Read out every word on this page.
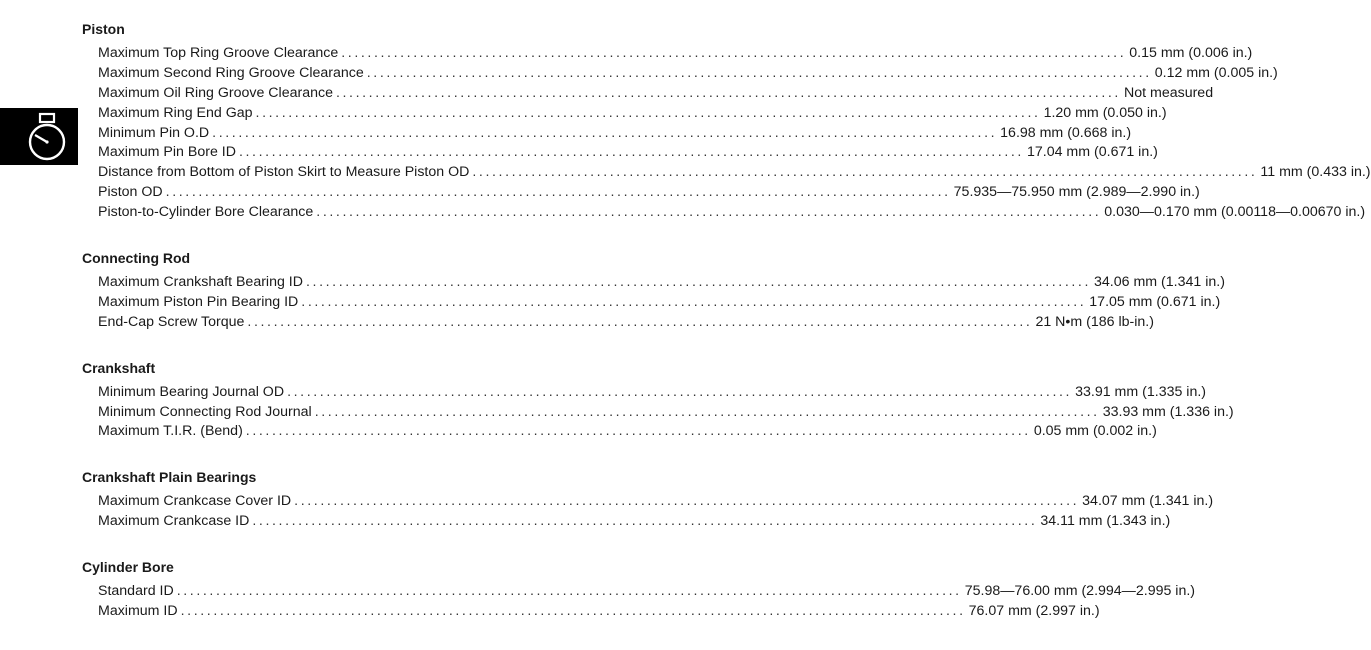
Piston
Maximum Top Ring Groove Clearance ........................................................................................................................ 0.15 mm (0.006 in.)
Maximum Second Ring Groove Clearance ........................................................................................................................ 0.12 mm (0.005 in.)
Maximum Oil Ring Groove Clearance ........................................................................................................................ Not measured
Maximum Ring End Gap ........................................................................................................................ 1.20 mm (0.050 in.)
Minimum Pin O.D ........................................................................................................................ 16.98 mm (0.668 in.)
Maximum Pin Bore ID ........................................................................................................................ 17.04 mm (0.671 in.)
Distance from Bottom of Piston Skirt to Measure Piston OD ........................................................................................................................ 11 mm (0.433 in.)
Piston OD ........................................................................................................................ 75.935—75.950 mm (2.989—2.990 in.)
Piston-to-Cylinder Bore Clearance ........................................................................................................................ 0.030—0.170 mm (0.00118—0.00670 in.)
Connecting Rod
Maximum Crankshaft Bearing ID ........................................................................................................................ 34.06 mm (1.341 in.)
Maximum Piston Pin Bearing ID ........................................................................................................................ 17.05 mm (0.671 in.)
End-Cap Screw Torque ........................................................................................................................ 21 N•m (186 lb-in.)
Crankshaft
Minimum Bearing Journal OD ........................................................................................................................ 33.91 mm (1.335 in.)
Minimum Connecting Rod Journal ........................................................................................................................ 33.93 mm (1.336 in.)
Maximum T.I.R. (Bend) ........................................................................................................................ 0.05 mm (0.002 in.)
Crankshaft Plain Bearings
Maximum Crankcase Cover ID ........................................................................................................................ 34.07 mm (1.341 in.)
Maximum Crankcase ID ........................................................................................................................ 34.11 mm (1.343 in.)
Cylinder Bore
Standard ID ........................................................................................................................ 75.98—76.00 mm (2.994—2.995 in.)
Maximum ID ........................................................................................................................ 76.07 mm (2.997 in.)
